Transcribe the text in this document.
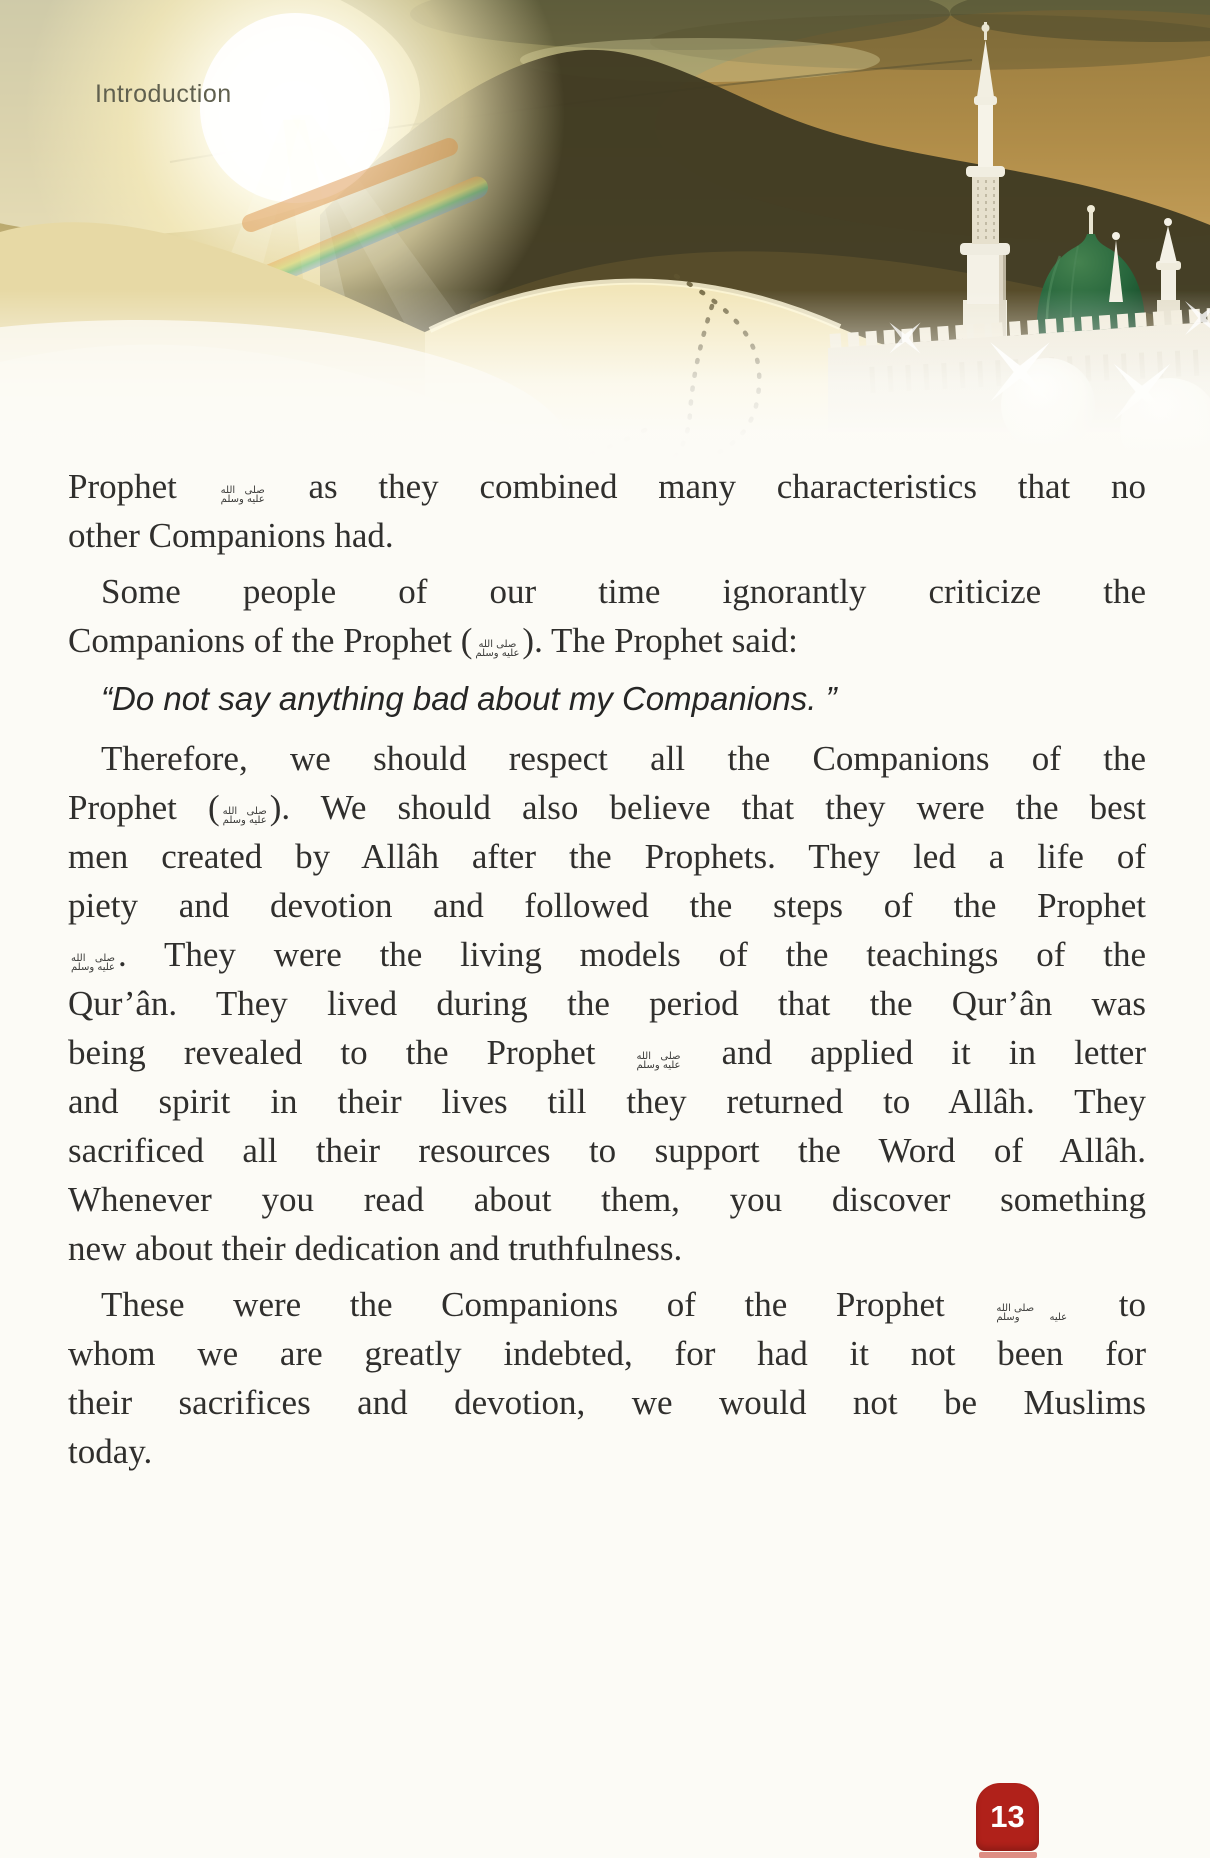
Introduction
Prophet صلى الله
عليه وسلم as they combined many characteristics that no
other Companions had.
Some people of our time ignorantly criticize the
Companions of the Prophet ( صلى الله
عليه وسلم). The Prophet said:
“Do not say anything bad about my Companions. ”
Therefore, we should respect all the Companions of the
Prophet ( صلى الله
عليه وسلم). We should also believe that they were the best
men created by Allâh after the Prophets. They led a life of
piety and devotion and followed the steps of the Prophet
صلى الله
عليه وسلم. They were the living models of the teachings of the
Qur’ân. They lived during the period that the Qur’ân was
being revealed to the Prophet صلى الله
عليه وسلم and applied it in letter
and spirit in their lives till they returned to Allâh. They
sacrificed all their resources to support the Word of Allâh.
Whenever you read about them, you discover something
new about their dedication and truthfulness.
These were the Companions of the Prophet صلى الله
عليه وسلم to
whom we are greatly indebted, for had it not been for
their sacrifices and devotion, we would not be Muslims
today.
13
